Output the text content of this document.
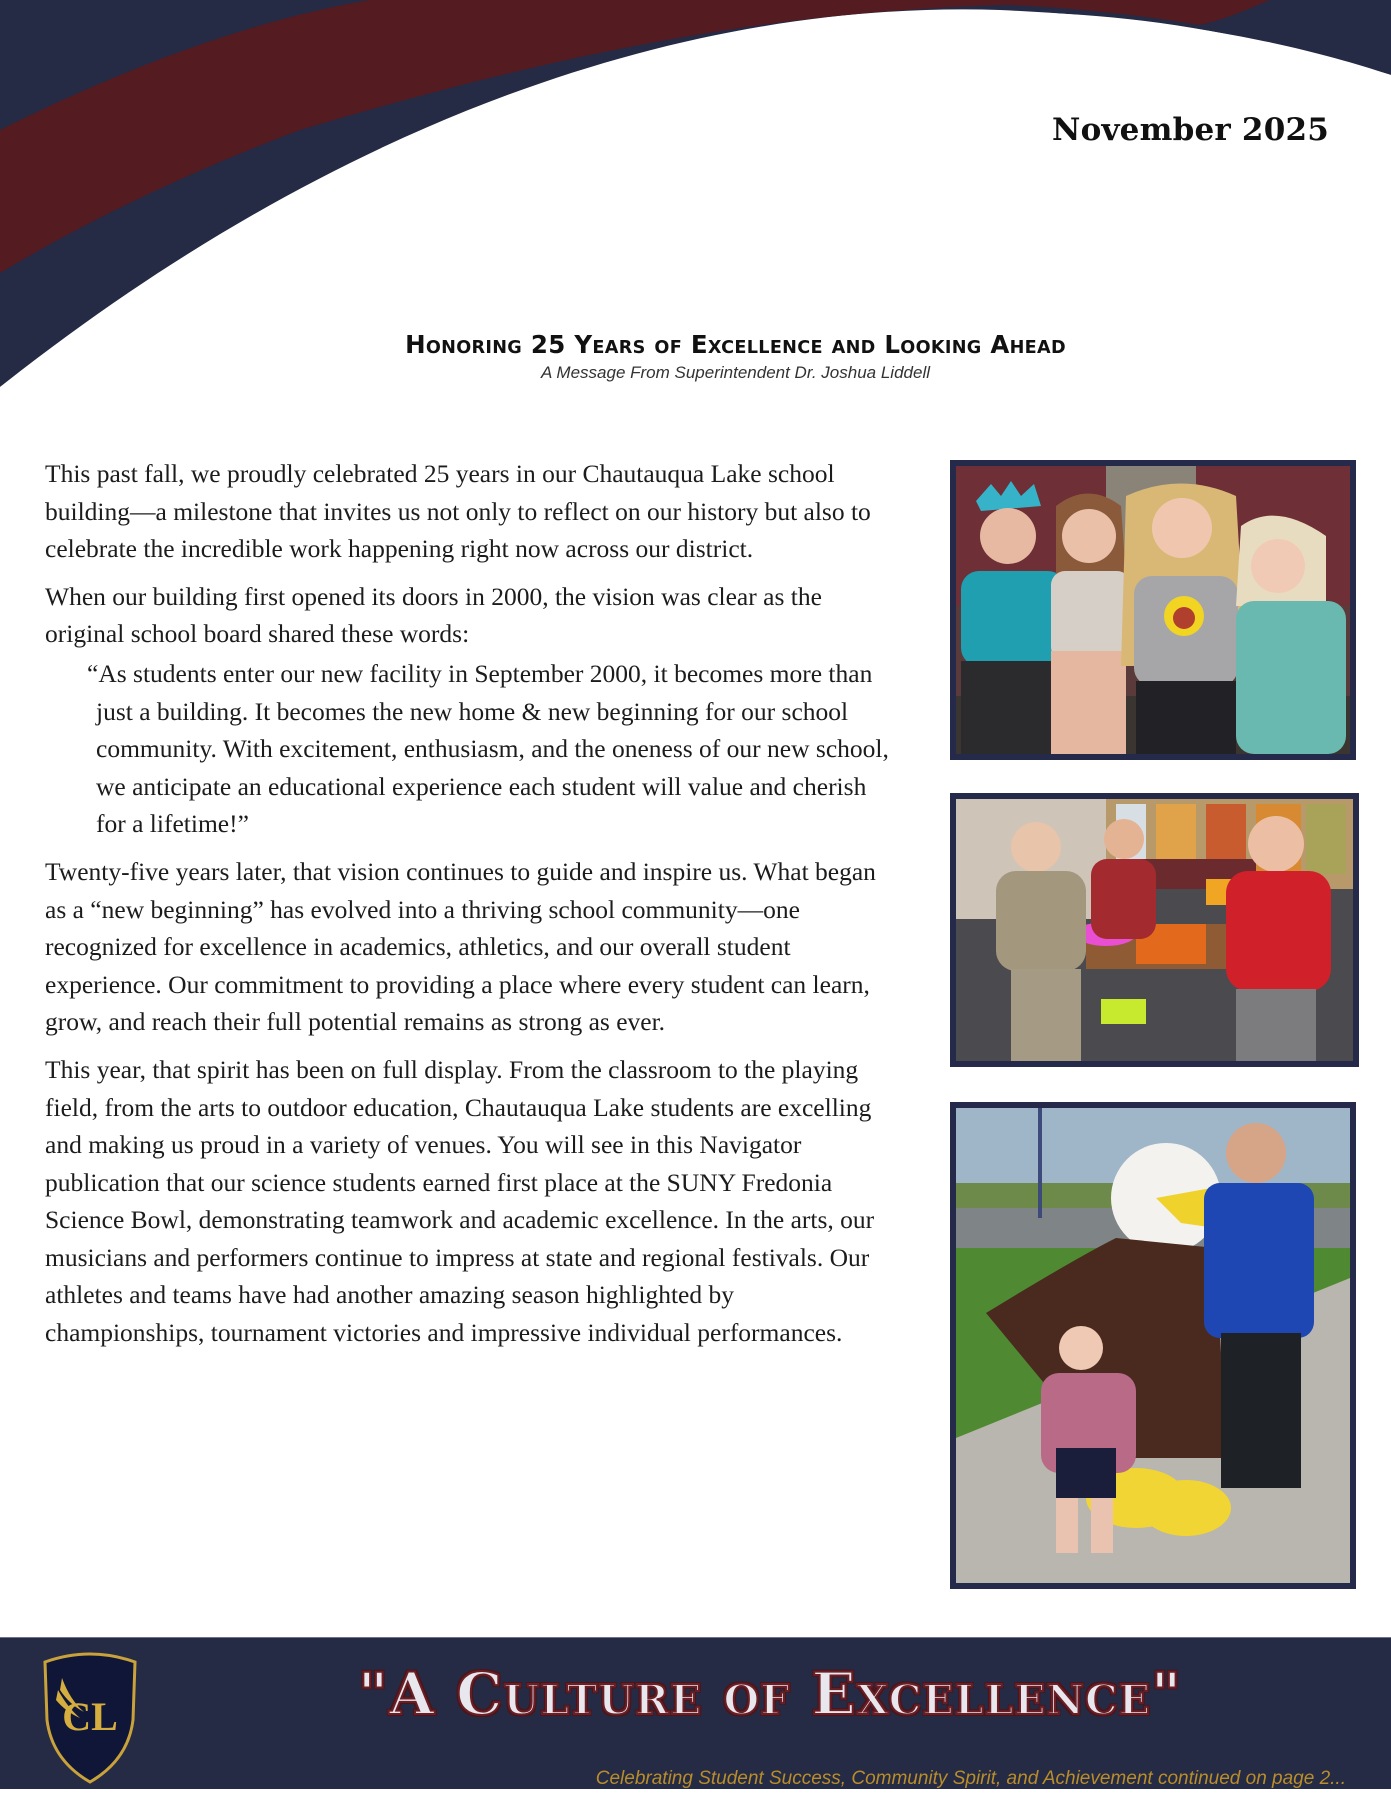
November 2025
Honoring 25 Years of Excellence and Looking Ahead
A Message From Superintendent Dr. Joshua Liddell

This past fall, we proudly celebrated 25 years in our Chautauqua Lake school building—a milestone that invites us not only to reflect on our history but also to celebrate the incredible work happening right now across our district.

When our building first opened its doors in 2000, the vision was clear as the original school board shared these words:

“As students enter our new facility in September 2000, it becomes more than just a building. It becomes the new home & new beginning for our school community. With excitement, enthusiasm, and the oneness of our new school, we anticipate an educational experience each student will value and cherish for a lifetime!”

Twenty-five years later, that vision continues to guide and inspire us. What began as a “new beginning” has evolved into a thriving school community—one recognized for excellence in academics, athletics, and our overall student experience. Our commitment to providing a place where every student can learn, grow, and reach their full potential remains as strong as ever.

This year, that spirit has been on full display. From the classroom to the playing field, from the arts to outdoor education, Chautauqua Lake students are excelling and making us proud in a variety of venues. You will see in this Navigator publication that our science students earned first place at the SUNY Fredonia Science Bowl, demonstrating teamwork and academic excellence. In the arts, our musicians and performers continue to impress at state and regional festivals. Our athletes and teams have had another amazing season highlighted by championships, tournament victories and impressive individual performances.

CL	"A Culture of Excellence"
Celebrating Student Success, Community Spirit, and Achievement continued on page 2...
